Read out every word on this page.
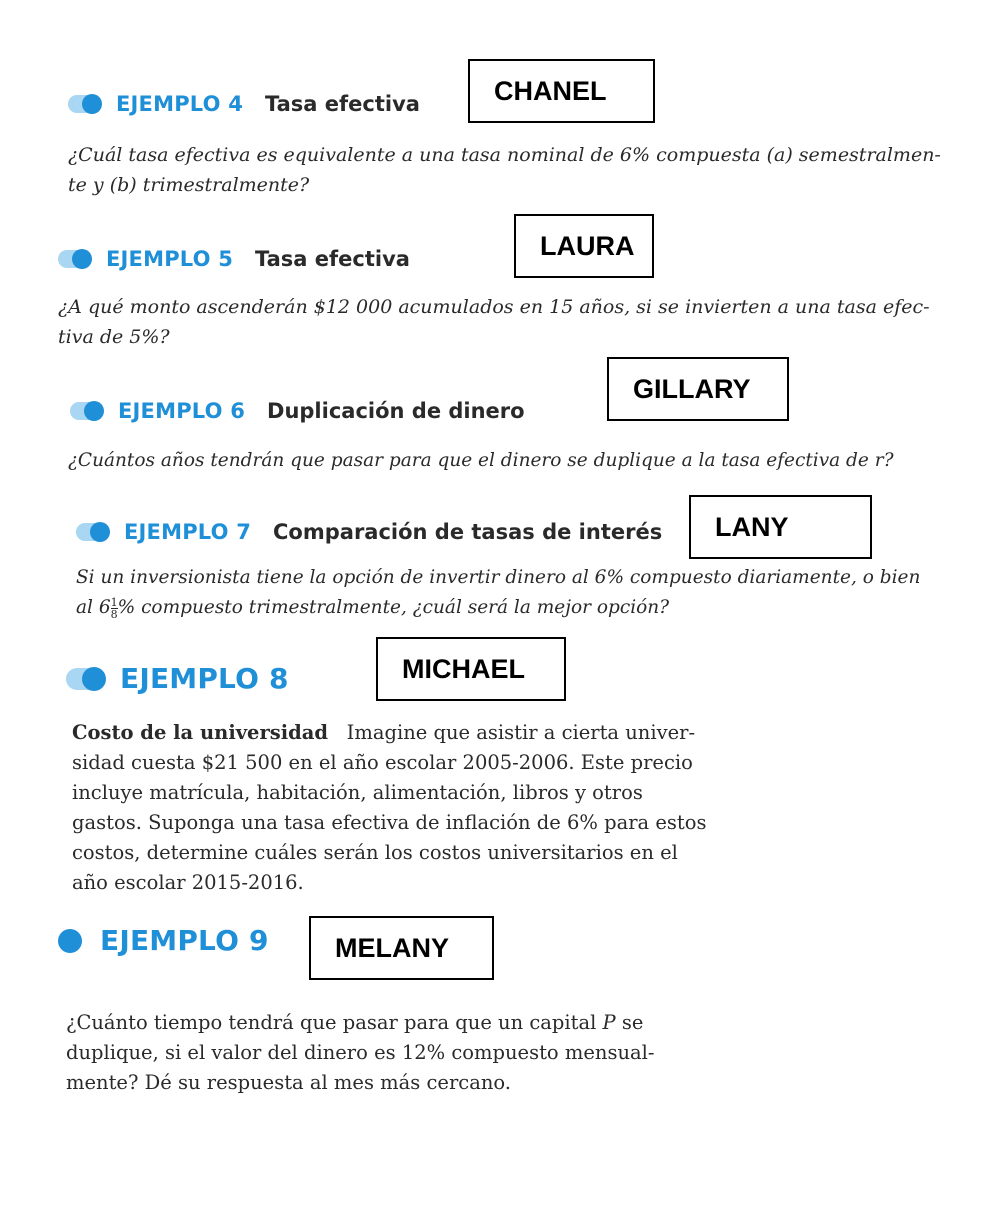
EJEMPLO 4 Tasa efectiva	CHANEL
¿Cuál tasa efectiva es equivalente a una tasa nominal de 6% compuesta (a) semestralmen-
te y (b) trimestralmente?
EJEMPLO 5 Tasa efectiva	LAURA
¿A qué monto ascenderán $12 000 acumulados en 15 años, si se invierten a una tasa efec-
tiva de 5%?
EJEMPLO 6 Duplicación de dinero
GILLARY
¿Cuántos años tendrán que pasar para que el dinero se duplique a la tasa efectiva de r?
EJEMPLO 7 Comparación de tasas de interés	LANY
Si un inversionista tiene la opción de invertir dinero al 6% compuesto diariamente, o bien
al $6 \frac{1}{8}$ % compuesto trimestralmente, ¿cuál será la mejor opción?
EJEMPLO 8	MICHAEL
Costo de la universidad Imagine que asistir a cierta univer-
sidad cuesta $21 500 en el año escolar 2005-2006. Este precio
incluye matrícula, habitación, alimentación, libros y otros
gastos. Suponga una tasa efectiva de inflación de 6% para estos
costos, determine cuáles serán los costos universitarios en el
año escolar 2015-2016.
EJEMPLO 9	MELANY
¿Cuánto tiempo tendrá que pasar para que un capital P se
duplique, si el valor del dinero es 12% compuesto mensual-
mente? Dé su respuesta al mes más cercano.
